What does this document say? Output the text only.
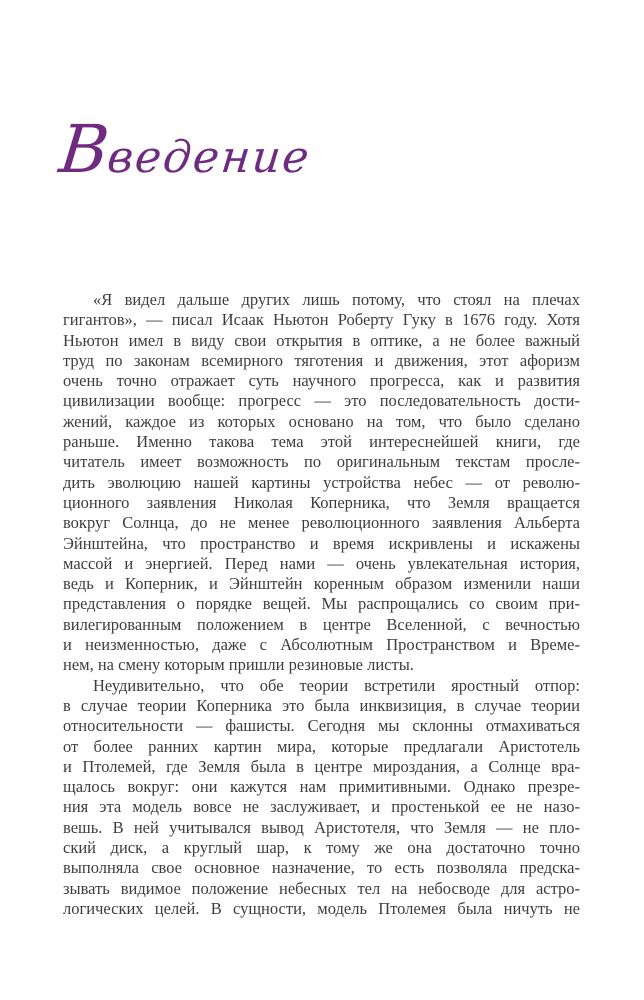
Введение
«Я видел дальше других лишь потому, что стоял на плечах
гигантов», — писал Исаак Ньютон Роберту Гуку в 1676 году. Хотя
Ньютон имел в виду свои открытия в оптике, а не более важный
труд по законам всемирного тяготения и движения, этот афоризм
очень точно отражает суть научного прогресса, как и развития
цивилизации вообще: прогресс — это последовательность дости-
жений, каждое из которых основано на том, что было сделано
раньше. Именно такова тема этой интереснейшей книги, где
читатель имеет возможность по оригинальным текстам просле-
дить эволюцию нашей картины устройства небес — от револю-
ционного заявления Николая Коперника, что Земля вращается
вокруг Солнца, до не менее революционного заявления Альберта
Эйнштейна, что пространство и время искривлены и искажены
массой и энергией. Перед нами — очень увлекательная история,
ведь и Коперник, и Эйнштейн коренным образом изменили наши
представления о порядке вещей. Мы распрощались со своим при-
вилегированным положением в центре Вселенной, с вечностью
и неизменностью, даже с Абсолютным Пространством и Време-
нем, на смену которым пришли резиновые листы.
Неудивительно, что обе теории встретили яростный отпор:
в случае теории Коперника это была инквизиция, в случае теории
относительности — фашисты. Сегодня мы склонны отмахиваться
от более ранних картин мира, которые предлагали Аристотель
и Птолемей, где Земля была в центре мироздания, а Солнце вра-
щалось вокруг: они кажутся нам примитивными. Однако презре-
ния эта модель вовсе не заслуживает, и простенькой ее не назо-
вешь. В ней учитывался вывод Аристотеля, что Земля — не пло-
ский диск, а круглый шар, к тому же она достаточно точно
выполняла свое основное назначение, то есть позволяла предска-
зывать видимое положение небесных тел на небосводе для астро-
логических целей. В сущности, модель Птолемея была ничуть не
